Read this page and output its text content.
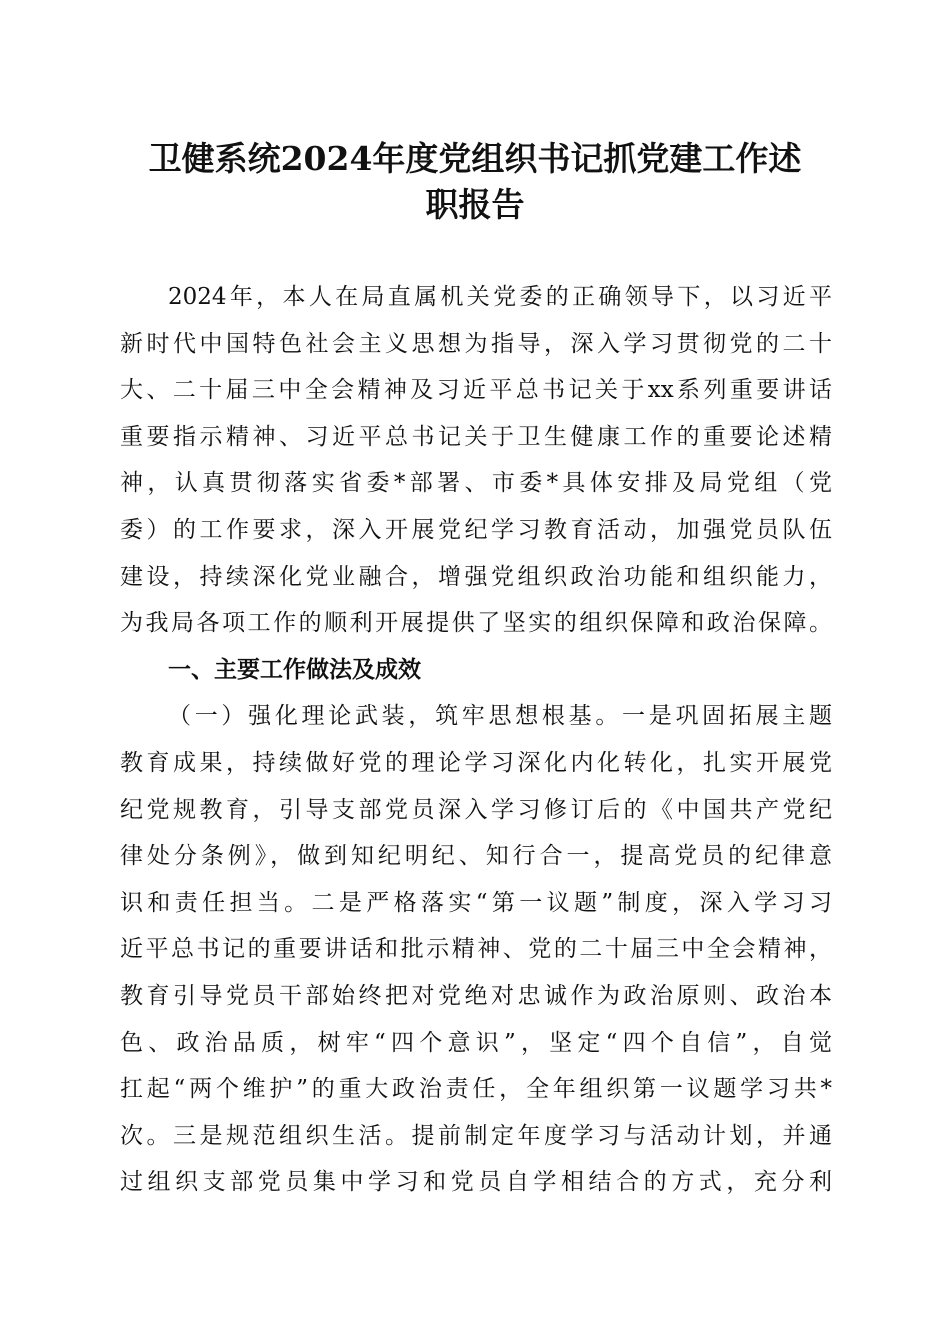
卫健系统2024年度党组织书记抓党建工作述
职报告
2024年，本人在局直属机关党委的正确领导下，以习近平
新时代中国特色社会主义思想为指导，深入学习贯彻党的二十
大、二十届三中全会精神及习近平总书记关于xx系列重要讲话
重要指示精神、习近平总书记关于卫生健康工作的重要论述精
神，认真贯彻落实省委*部署、市委*具体安排及局党组（党
委）的工作要求，深入开展党纪学习教育活动，加强党员队伍
建设，持续深化党业融合，增强党组织政治功能和组织能力，
为我局各项工作的顺利开展提供了坚实的组织保障和政治保障。
一、主要工作做法及成效
（一）强化理论武装，筑牢思想根基。一是巩固拓展主题
教育成果，持续做好党的理论学习深化内化转化，扎实开展党
纪党规教育，引导支部党员深入学习修订后的《中国共产党纪
律处分条例》，做到知纪明纪、知行合一，提高党员的纪律意
识和责任担当。二是严格落实“第一议题”制度，深入学习习
近平总书记的重要讲话和批示精神、党的二十届三中全会精神，
教育引导党员干部始终把对党绝对忠诚作为政治原则、政治本
色、政治品质，树牢“四个意识”，坚定“四个自信”，自觉
扛起“两个维护”的重大政治责任，全年组织第一议题学习共*
次。三是规范组织生活。提前制定年度学习与活动计划，并通
过组织支部党员集中学习和党员自学相结合的方式，充分利
